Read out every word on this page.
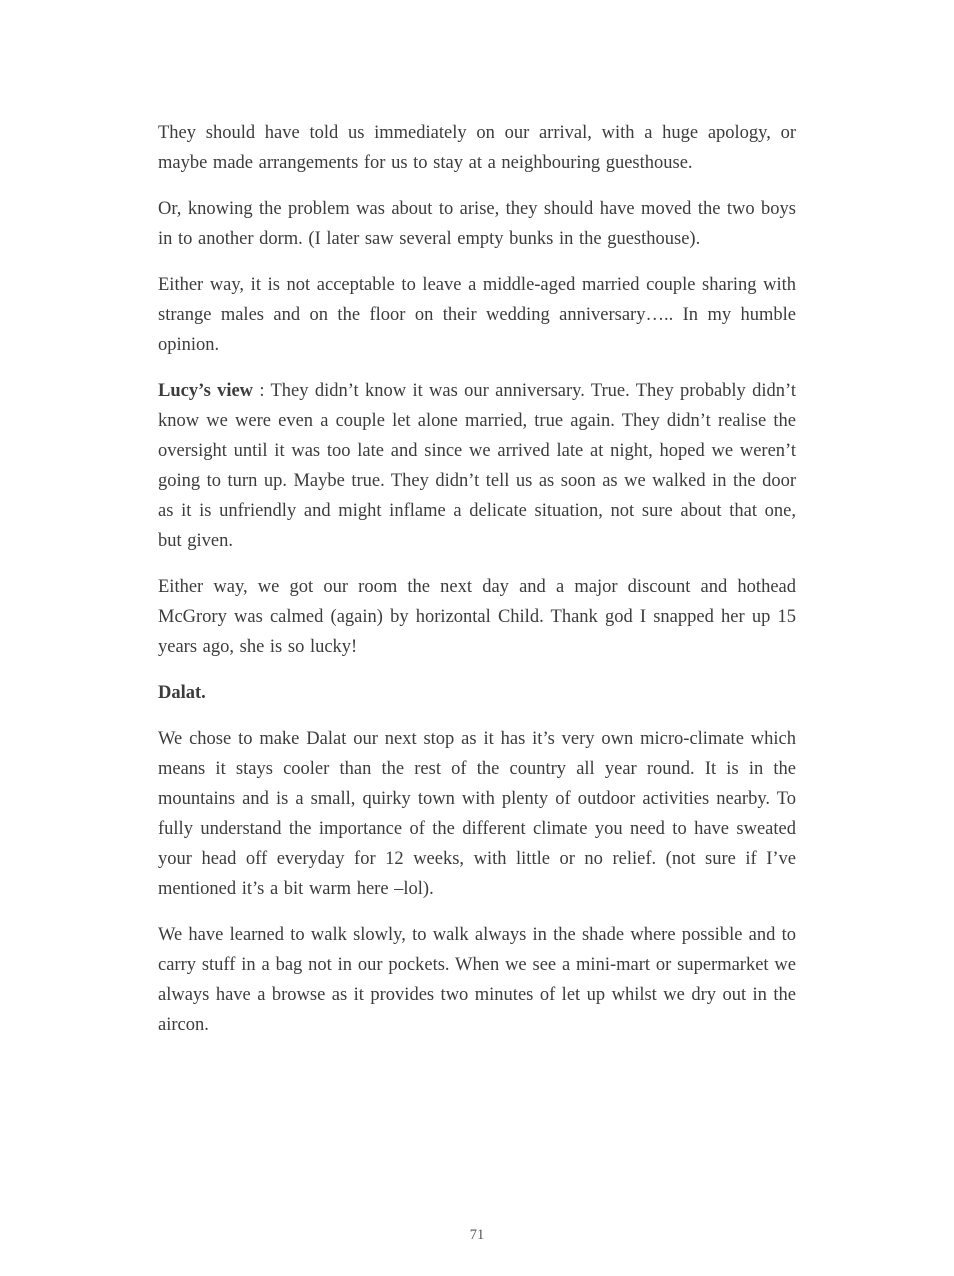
They should have told us immediately on our arrival, with a huge apology, or maybe made arrangements for us to stay at a neighbouring guesthouse.

Or, knowing the problem was about to arise, they should have moved the two boys in to another dorm. (I later saw several empty bunks in the guesthouse).

Either way, it is not acceptable to leave a middle-aged married couple sharing with strange males and on the floor on their wedding anniversary….. In my humble opinion.

Lucy’s view : They didn’t know it was our anniversary. True. They probably didn’t know we were even a couple let alone married, true again. They didn’t realise the oversight until it was too late and since we arrived late at night, hoped we weren’t going to turn up. Maybe true. They didn’t tell us as soon as we walked in the door as it is unfriendly and might inflame a delicate situation, not sure about that one, but given.

Either way, we got our room the next day and a major discount and hothead McGrory was calmed (again) by horizontal Child. Thank god I snapped her up 15 years ago, she is so lucky!

Dalat.

We chose to make Dalat our next stop as it has it’s very own micro-climate which means it stays cooler than the rest of the country all year round. It is in the mountains and is a small, quirky town with plenty of outdoor activities nearby. To fully understand the importance of the different climate you need to have sweated your head off everyday for 12 weeks, with little or no relief. (not sure if I’ve mentioned it’s a bit warm here –lol).

We have learned to walk slowly, to walk always in the shade where possible and to carry stuff in a bag not in our pockets. When we see a mini-mart or supermarket we always have a browse as it provides two minutes of let up whilst we dry out in the aircon.

71
